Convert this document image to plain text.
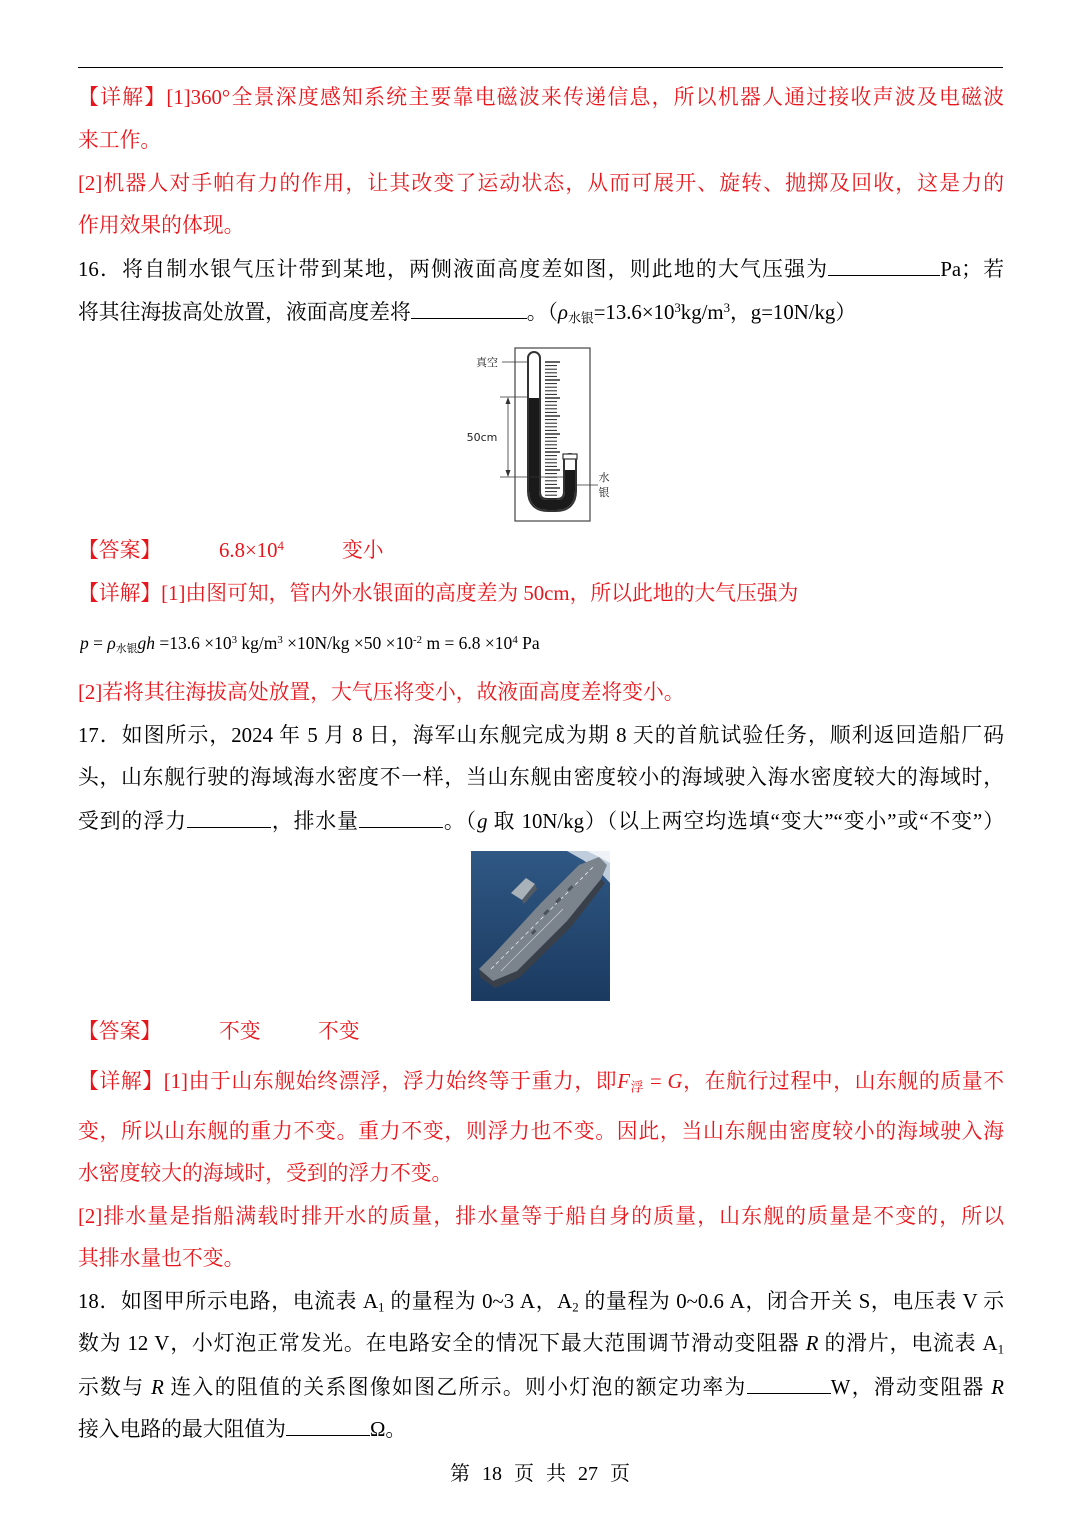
【详解】[1]360°全景深度感知系统主要靠电磁波来传递信息，所以机器人通过接收声波及电磁波
来工作。
[2]机器人对手帕有力的作用，让其改变了运动状态，从而可展开、旋转、抛掷及回收，这是力的
作用效果的体现。
16．将自制水银气压计带到某地，两侧液面高度差如图，则此地的大气压强为	Pa；若
将其往海拔高处放置，液面高度差将	。（$\rho_{水银}=13.6\times 10^3kg/m^3$，g=10N/kg）
真空
50cm
水
银
【答案】	$6.8\times 10^4$	变小
【详解】[1]由图可知，管内外水银面的高度差为 50cm，所以此地的大气压强为
$p = \rho_{水银}gh =13.6 \times 10^3$ $kg/m^3 \times 10N/kg \times 50 \times 10^{-2}$ $m = 6.8 \times 10^4$ Pa
[2]若将其往海拔高处放置，大气压将变小，故液面高度差将变小。
17．如图所示，2024 年 5 月 8 日，海军山东舰完成为期 8 天的首航试验任务，顺利返回造船厂码
头，山东舰行驶的海域海水密度不一样，当山东舰由密度较小的海域驶入海水密度较大的海域时，
受到的浮力	，排水量	。（g 取 10N/kg）（以上两空均选填“变大”“变小”或“不变”）
【答案】	不变	不变
【详解】[1]由于山东舰始终漂浮，浮力始终等于重力，即$F_浮 = G$，在航行过程中，山东舰的质量不
变，所以山东舰的重力不变。重力不变，则浮力也不变。因此，当山东舰由密度较小的海域驶入海
水密度较大的海域时，受到的浮力不变。
[2]排水量是指船满载时排开水的质量，排水量等于船自身的质量，山东舰的质量是不变的，所以
其排水量也不变。
18．如图甲所示电路，电流表 $A_1$ 的量程为 0~3 A，$A_2$ 的量程为 0~0.6 A，闭合开关 S，电压表 V 示
数为 12 V，小灯泡正常发光。在电路安全的情况下最大范围调节滑动变阻器 R 的滑片，电流表 $A_1$
示数与 R 连入的阻值的关系图像如图乙所示。则小灯泡的额定功率为	W，滑动变阻器 R
接入电路的最大阻值为	Ω。
第 18 页 共 27 页
